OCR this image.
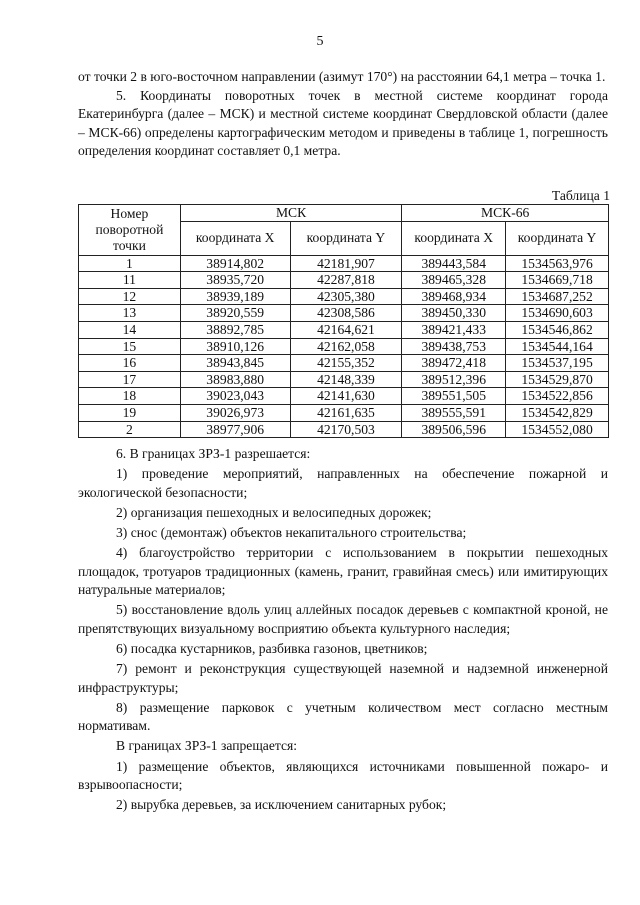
5

от точки 2 в юго-восточном направлении (азимут 170°) на расстоянии 64,1 метра – точка 1.

5. Координаты поворотных точек в местной системе координат города Екатеринбурга (далее – МСК) и местной системе координат Свердловской области (далее – МСК-66) определены картографическим методом и приведены в таблице 1, погрешность определения координат составляет 0,1 метра.

Таблица 1
Номер поворотной точки	МСК		МСК-66	
	координата X	координата Y	координата X	координата Y
1	38914,802	42181,907	389443,584	1534563,976
11	38935,720	42287,818	389465,328	1534669,718
12	38939,189	42305,380	389468,934	1534687,252
13	38920,559	42308,586	389450,330	1534690,603
14	38892,785	42164,621	389421,433	1534546,862
15	38910,126	42162,058	389438,753	1534544,164
16	38943,845	42155,352	389472,418	1534537,195
17	38983,880	42148,339	389512,396	1534529,870
18	39023,043	42141,630	389551,505	1534522,856
19	39026,973	42161,635	389555,591	1534542,829
2	38977,906	42170,503	389506,596	1534552,080

6. В границах ЗРЗ-1 разрешается:

1) проведение мероприятий, направленных на обеспечение пожарной и экологической безопасности;

2) организация пешеходных и велосипедных дорожек;

3) снос (демонтаж) объектов некапитального строительства;

4) благоустройство территории с использованием в покрытии пешеходных площадок, тротуаров традиционных (камень, гранит, гравийная смесь) или имитирующих натуральные материалов;

5) восстановление вдоль улиц аллейных посадок деревьев с компактной кроной, не препятствующих визуальному восприятию объекта культурного наследия;

6) посадка кустарников, разбивка газонов, цветников;

7) ремонт и реконструкция существующей наземной и надземной инженерной инфраструктуры;

8) размещение парковок с учетным количеством мест согласно местным нормативам.

В границах ЗРЗ-1 запрещается:

1) размещение объектов, являющихся источниками повышенной пожаро- и взрывоопасности;

2) вырубка деревьев, за исключением санитарных рубок;
